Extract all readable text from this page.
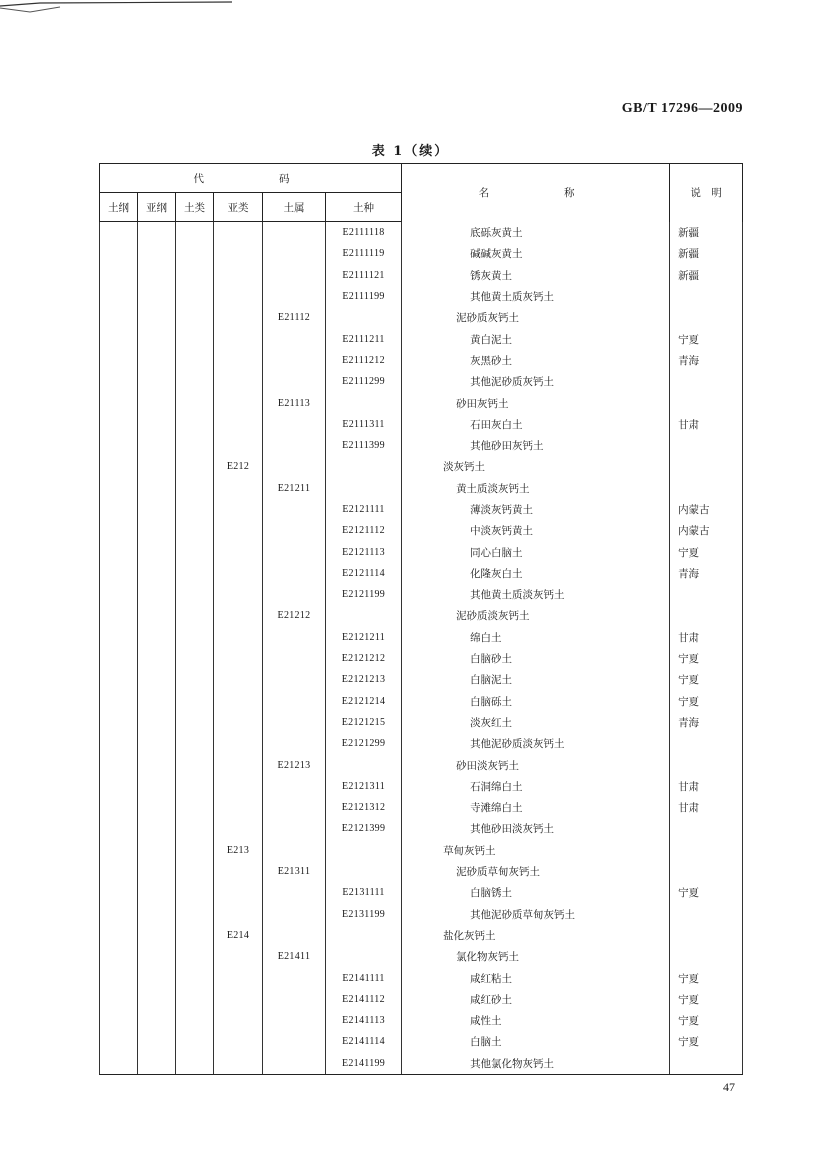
GB/T 17296—2009
表 1（续）
代　　码						名　　称	说　明
土纲	亚纲	土类	亚类	土属	土种		
					E2111118	底砾灰黄土	新疆
					E2111119	碱碱灰黄土	新疆
					E2111121	锈灰黄土	新疆
					E2111199	其他黄土质灰钙土	
				E21112		泥砂质灰钙土	
					E2111211	黄白泥土	宁夏
					E2111212	灰黑砂土	青海
					E2111299	其他泥砂质灰钙土	
				E21113		砂田灰钙土	
					E2111311	石田灰白土	甘肃
					E2111399	其他砂田灰钙土	
			E212			淡灰钙土	
				E21211		黄土质淡灰钙土	
					E2121111	薄淡灰钙黄土	内蒙古
					E2121112	中淡灰钙黄土	内蒙古
					E2121113	同心白脑土	宁夏
					E2121114	化隆灰白土	青海
					E2121199	其他黄土质淡灰钙土	
				E21212		泥砂质淡灰钙土	
					E2121211	绵白土	甘肃
					E2121212	白脑砂土	宁夏
					E2121213	白脑泥土	宁夏
					E2121214	白脑砾土	宁夏
					E2121215	淡灰红土	青海
					E2121299	其他泥砂质淡灰钙土	
				E21213		砂田淡灰钙土	
					E2121311	石洞绵白土	甘肃
					E2121312	寺滩绵白土	甘肃
					E2121399	其他砂田淡灰钙土	
			E213			草甸灰钙土	
				E21311		泥砂质草甸灰钙土	
					E2131111	白脑锈土	宁夏
					E2131199	其他泥砂质草甸灰钙土	
			E214			盐化灰钙土	
				E21411		氯化物灰钙土	
					E2141111	咸红粘土	宁夏
					E2141112	咸红砂土	宁夏
					E2141113	咸性土	宁夏
					E2141114	白脑土	宁夏
					E2141199	其他氯化物灰钙土	
47
